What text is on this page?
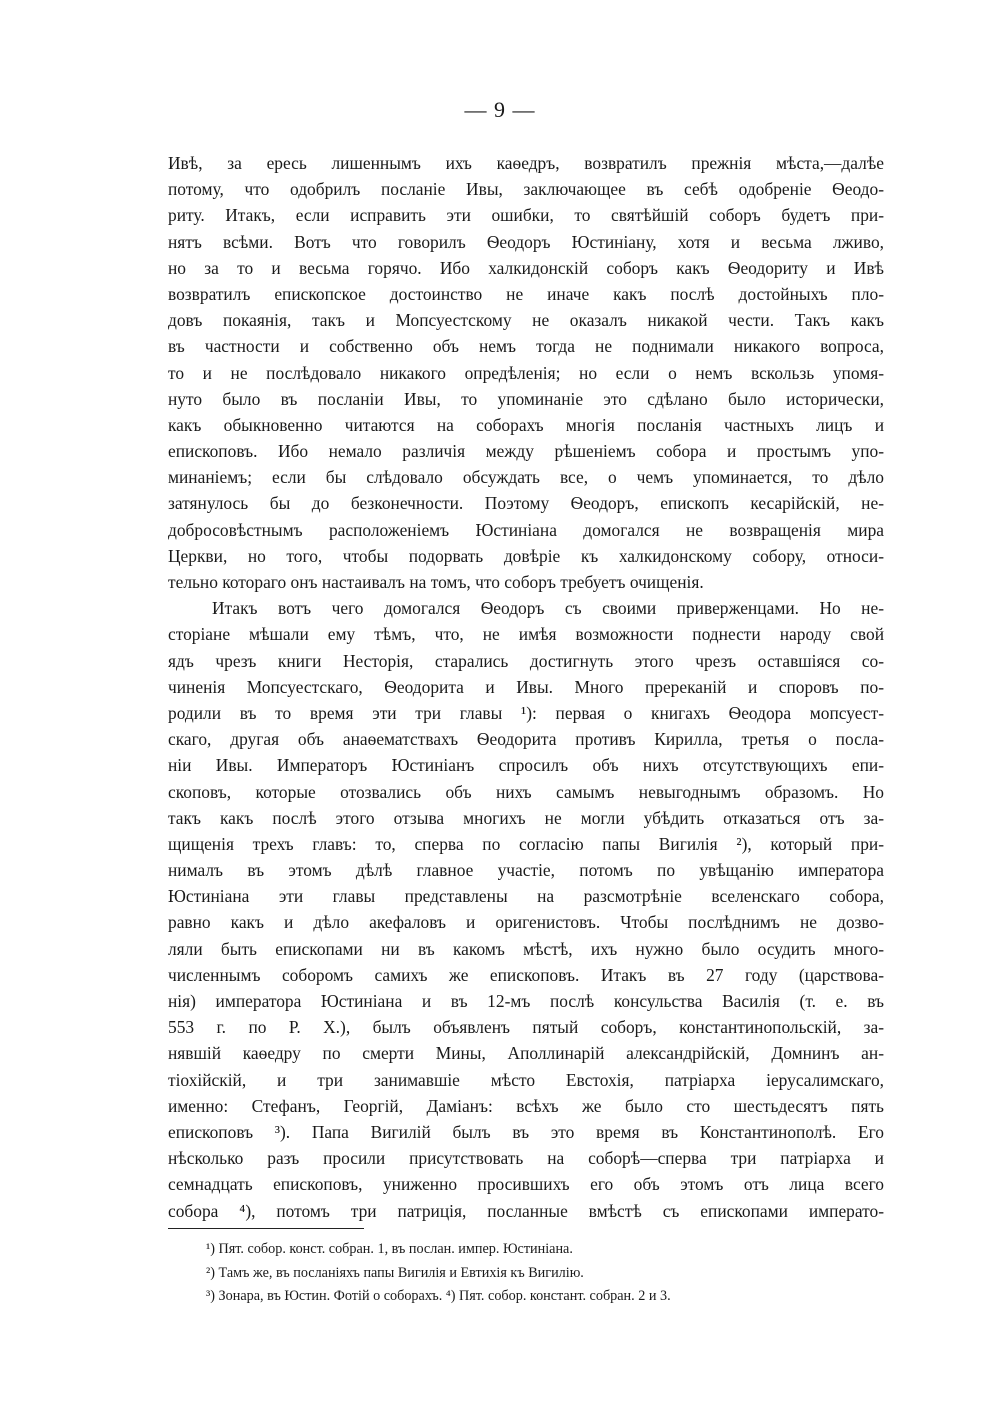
— 9 —
Ивѣ, за ересь лишеннымъ ихъ каѳедръ, возвратилъ прежнія мѣста,—далѣе
потому, что одобрилъ посланіе Ивы, заключающее въ себѣ одобреніе Ѳеодо-
риту. Итакъ, если исправить эти ошибки, то святѣйшій соборъ будетъ при-
нятъ всѣми. Вотъ что говорилъ Ѳеодоръ Юстиніану, хотя и весьма лживо,
но за то и весьма горячо. Ибо халкидонскій соборъ какъ Ѳеодориту и Ивѣ
возвратилъ епископское достоинство не иначе какъ послѣ достойныхъ пло-
довъ покаянія, такъ и Мопсуестскому не оказалъ никакой чести. Такъ какъ
въ частности и собственно объ немъ тогда не поднимали никакого вопроса,
то и не послѣдовало никакого опредѣленія; но если о немъ вскользь упомя-
нуто было въ посланіи Ивы, то упоминаніе это сдѣлано было исторически,
какъ обыкновенно читаются на соборахъ многія посланія частныхъ лицъ и
епископовъ. Ибо немало различія между рѣшеніемъ собора и простымъ упо-
минаніемъ; если бы слѣдовало обсуждать все, о чемъ упоминается, то дѣло
затянулось бы до безконечности. Поэтому Ѳеодоръ, епископъ кесарійскій, не-
добросовѣстнымъ расположеніемъ Юстиніана домогался не возвращенія мира
Церкви, но того, чтобы подорвать довѣріе къ халкидонскому собору, относи-
тельно котораго онъ настаивалъ на томъ, что соборъ требуетъ очищенія.
Итакъ вотъ чего домогался Ѳеодоръ съ своими приверженцами. Но не-
сторіане мѣшали ему тѣмъ, что, не имѣя возможности поднести народу свой
ядъ чрезъ книги Несторія, старались достигнуть этого чрезъ оставшіяся со-
чиненія Мопсуестскаго, Ѳеодорита и Ивы. Много пререканій и споровъ по-
родили въ то время эти три главы ¹): первая о книгахъ Ѳеодора мопсуест-
скаго, другая объ анаѳематствахъ Ѳеодорита противъ Кирилла, третья о посла-
ніи Ивы. Императоръ Юстиніанъ спросилъ объ нихъ отсутствующихъ епи-
скоповъ, которые отозвались объ нихъ самымъ невыгоднымъ образомъ. Но
такъ какъ послѣ этого отзыва многихъ не могли убѣдить отказаться отъ за-
щищенія трехъ главъ: то, сперва по согласію папы Вигилія ²), который при-
нималъ въ этомъ дѣлѣ главное участіе, потомъ по увѣщанію императора
Юстиніана эти главы представлены на разсмотрѣніе вселенскаго собора,
равно какъ и дѣло акефаловъ и оригенистовъ. Чтобы послѣднимъ не дозво-
ляли быть епископами ни въ какомъ мѣстѣ, ихъ нужно было осудить много-
численнымъ соборомъ самихъ же епископовъ. Итакъ въ 27 году (царствова-
нія) императора Юстиніана и въ 12-мъ послѣ консульства Василія (т. е. въ
553 г. по Р. Х.), былъ объявленъ пятый соборъ, константинопольскій, за-
нявшій каѳедру по смерти Мины, Аполлинарій александрійскій, Домнинъ ан-
тіохійскій, и три занимавшіе мѣсто Евстохія, патріарха іерусалимскаго,
именно: Стефанъ, Георгій, Даміанъ: всѣхъ же было сто шестьдесятъ пять
епископовъ ³). Папа Вигилій былъ въ это время въ Константинополѣ. Его
нѣсколько разъ просили присутствовать на соборѣ—сперва три патріарха и
семнадцать епископовъ, униженно просившихъ его объ этомъ отъ лица всего
собора ⁴), потомъ три патриція, посланные вмѣстѣ съ епископами императо-
¹) Пят. собор. конст. собран. 1, въ послан. импер. Юстиніана.
²) Тамъ же, въ посланіяхъ папы Вигилія и Евтихія къ Вигилію.
³) Зонара, въ Юстин. Фотій о соборахъ. ⁴) Пят. собор. констант. собран. 2 и 3.
